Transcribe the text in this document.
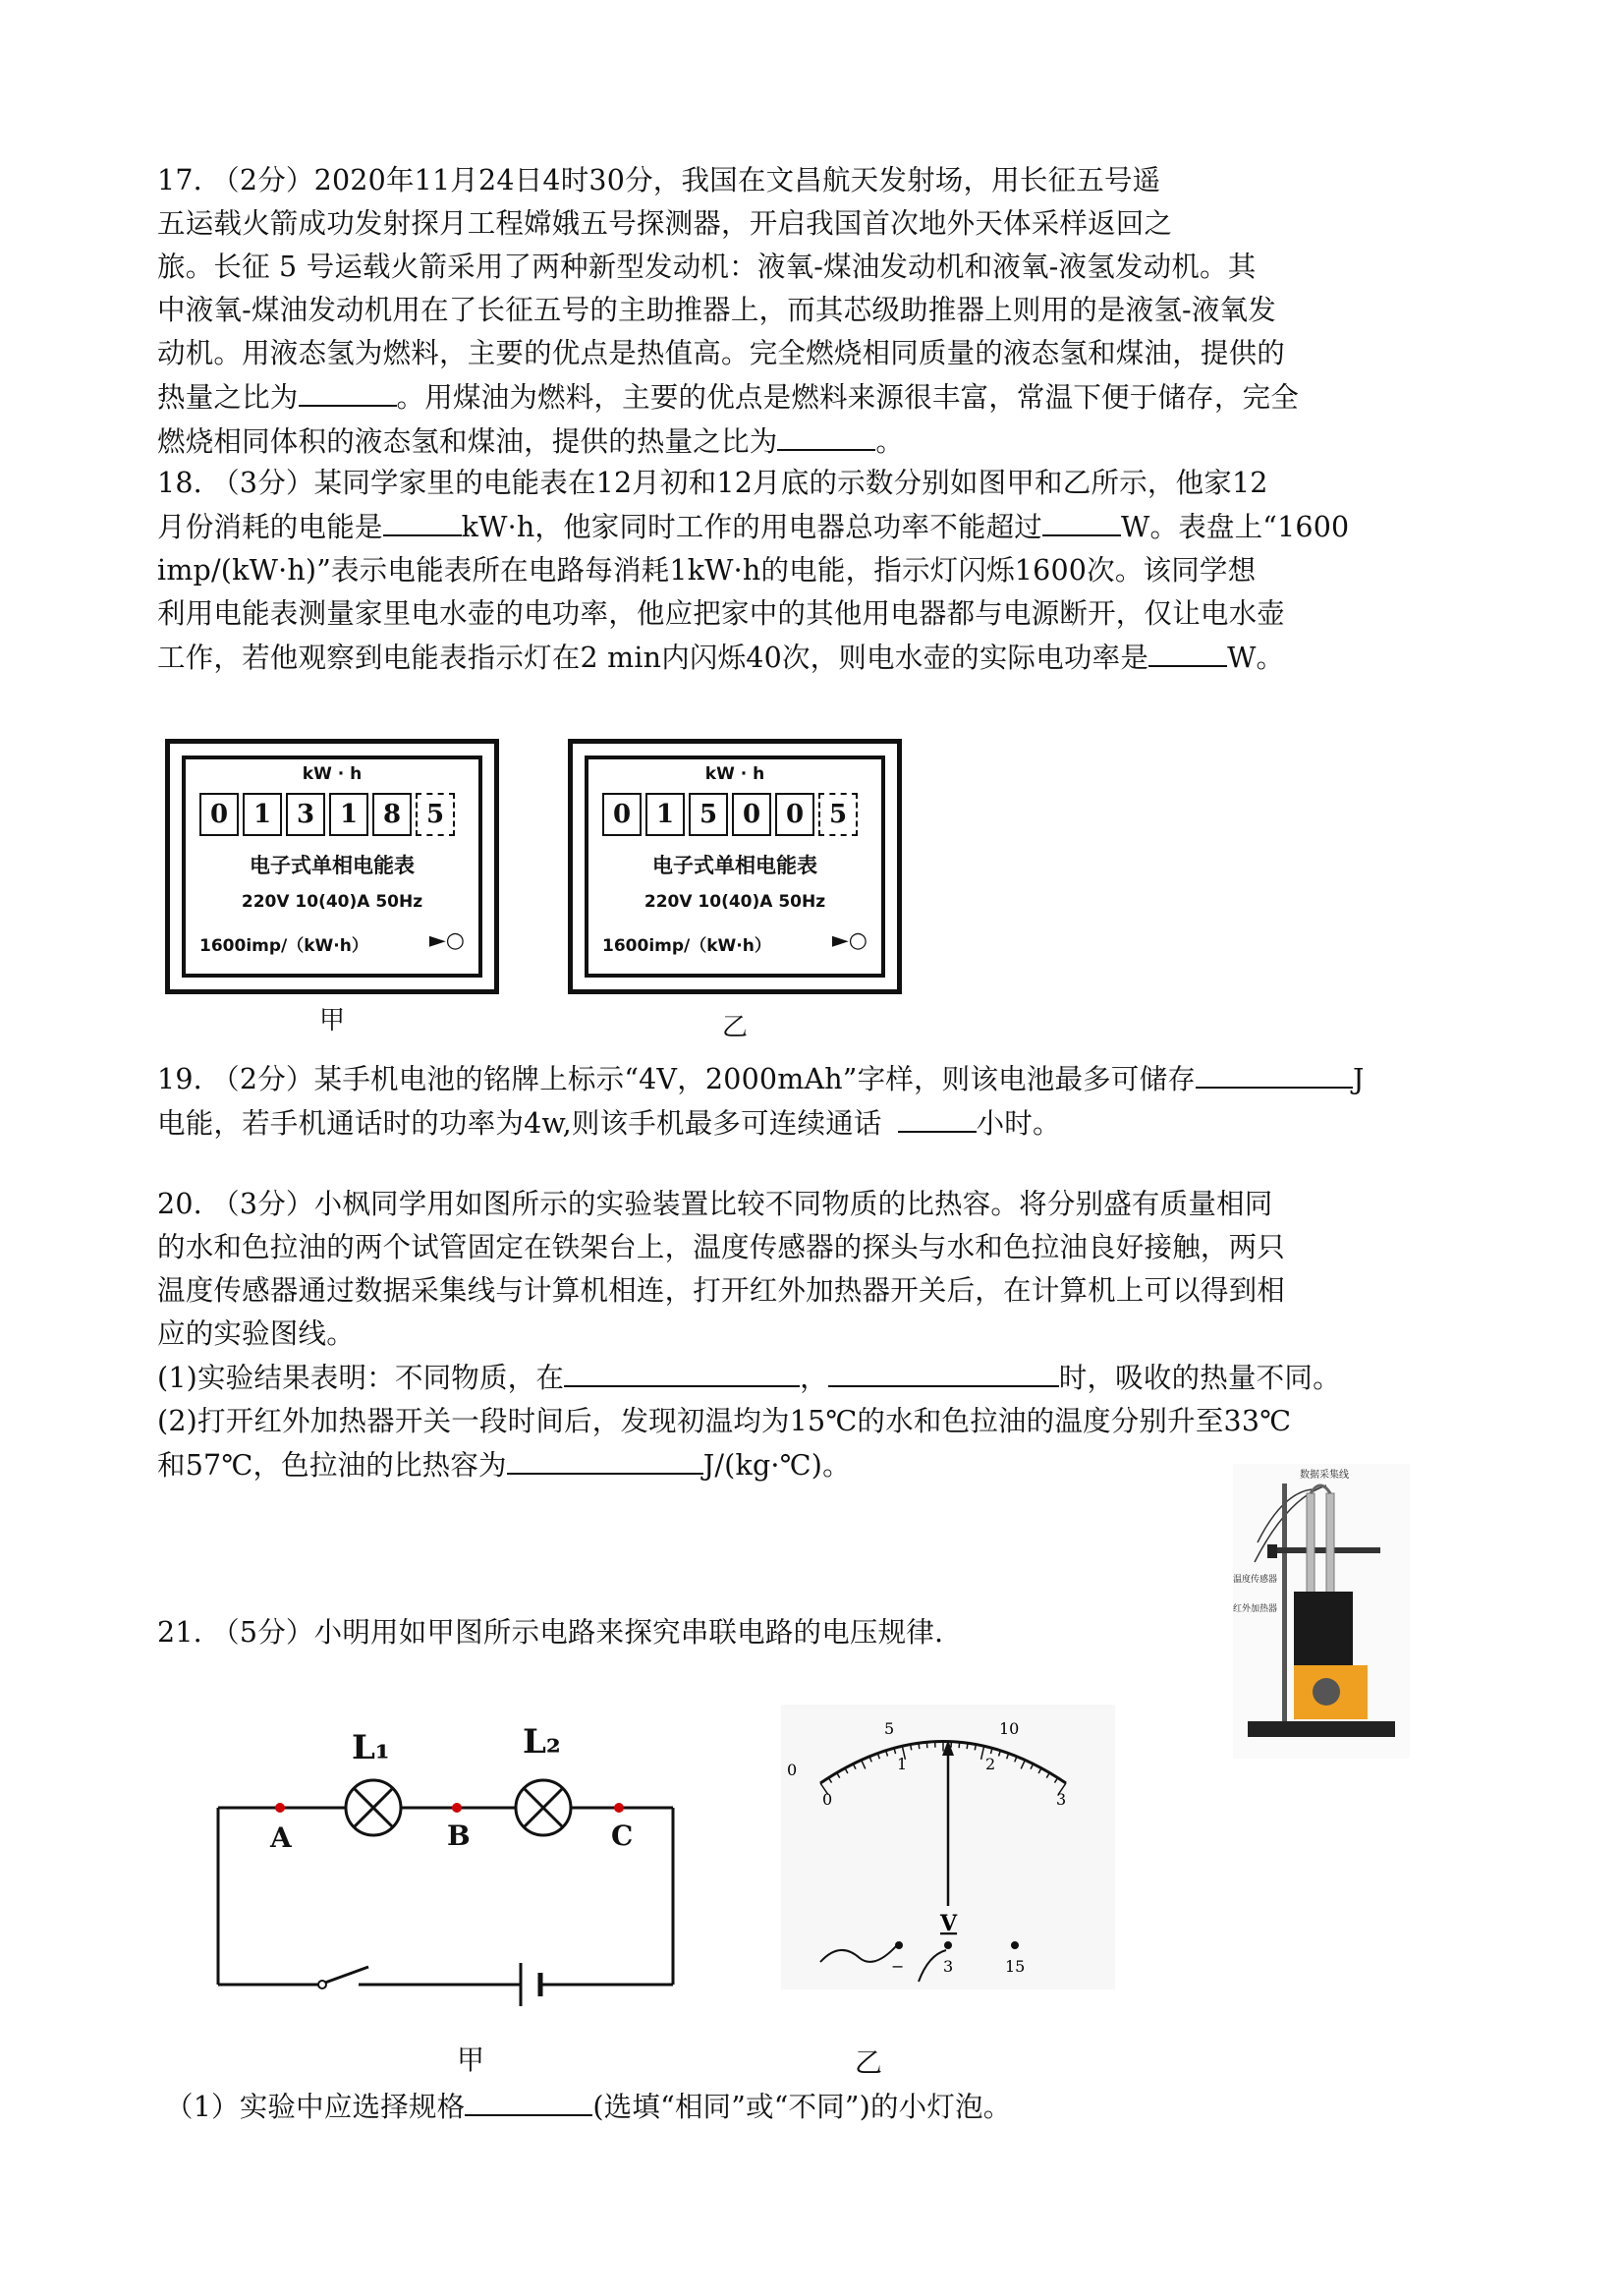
17. （2分）2020年11月24日4时30分，我国在文昌航天发射场，用长征五号遥
五运载火箭成功发射探月工程嫦娥五号探测器，开启我国首次地外天体采样返回之
旅。长征 5 号运载火箭采用了两种新型发动机：液氧-煤油发动机和液氧-液氢发动机。其
中液氧-煤油发动机用在了长征五号的主助推器上，而其芯级助推器上则用的是液氢-液氧发
动机。用液态氢为燃料，主要的优点是热值高。完全燃烧相同质量的液态氢和煤油，提供的
热量之比为	。用煤油为燃料，主要的优点是燃料来源很丰富，常温下便于储存，完全
燃烧相同体积的液态氢和煤油，提供的热量之比为	。
18. （3分）某同学家里的电能表在12月初和12月底的示数分别如图甲和乙所示，他家12
月份消耗的电能是	kW·h，他家同时工作的用电器总功率不能超过	W。表盘上“1600
imp/(kW·h)”表示电能表所在电路每消耗1kW·h的电能，指示灯闪烁1600次。该同学想
利用电能表测量家里电水壶的电功率，他应把家中的其他用电器都与电源断开，仅让电水壶
工作，若他观察到电能表指示灯在2 min内闪烁40次，则电水壶的实际电功率是	W。
kW · h
0 1 3 1 8 5
电子式单相电能表
220V 10(40)A 50Hz
1600imp/（kW·h）	►○
甲
kW · h
0 1 5 0 0 5
电子式单相电能表
220V 10(40)A 50Hz
1600imp/（kW·h）	►○
乙
19. （2分）某手机电池的铭牌上标示“4V，2000mAh”字样，则该电池最多可储存	J
电能，若手机通话时的功率为4w,则该手机最多可连续通话	小时。
20. （3分）小枫同学用如图所示的实验装置比较不同物质的比热容。将分别盛有质量相同
的水和色拉油的两个试管固定在铁架台上，温度传感器的探头与水和色拉油良好接触，两只
温度传感器通过数据采集线与计算机相连，打开红外加热器开关后，在计算机上可以得到相
应的实验图线。
(1)实验结果表明：不同物质，在	，	时，吸收的热量不同。
(2)打开红外加热器开关一段时间后，发现初温均为15℃的水和色拉油的温度分别升至33℃
和57℃，色拉油的比热容为	J/(kg·℃)。	数据采集线
温度传感器
红外加热器
21. （5分）小明用如甲图所示电路来探究串联电路的电压规律.
L₁	L₂
A	B	C
0
5	10
0
1	2
3
V
− 3	15
甲	乙
（1）实验中应选择规格	(选填“相同”或“不同”)的小灯泡。
